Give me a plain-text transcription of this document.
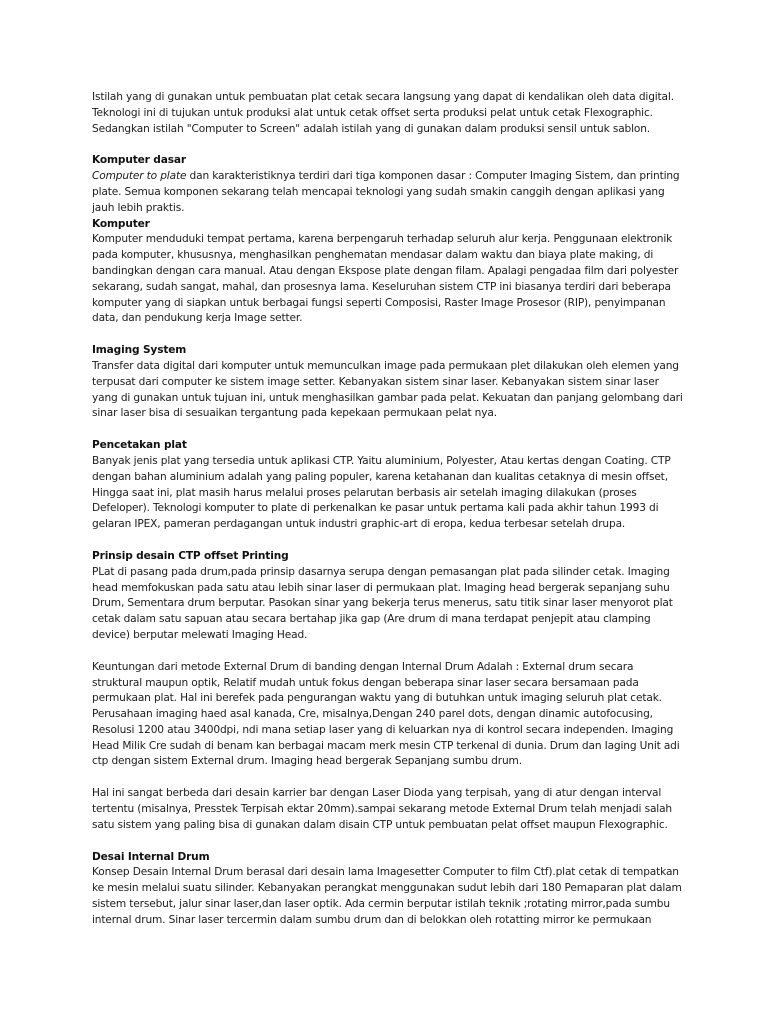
Istilah yang di gunakan untuk pembuatan plat cetak secara langsung yang dapat di kendalikan oleh data digital. Teknologi ini di tujukan untuk produksi alat untuk cetak offset serta produksi pelat untuk cetak Flexographic. Sedangkan istilah "Computer to Screen" adalah istilah yang di gunakan dalam produksi sensil untuk sablon.

Komputer dasar

Computer to plate dan karakteristiknya terdiri dari tiga komponen dasar : Computer Imaging Sistem, dan printing plate. Semua komponen sekarang telah mencapai teknologi yang sudah smakin canggih dengan aplikasi yang jauh lebih praktis.

Komputer

Komputer menduduki tempat pertama, karena berpengaruh terhadap seluruh alur kerja. Penggunaan elektronik pada komputer, khususnya, menghasilkan penghematan mendasar dalam waktu dan biaya plate making, di bandingkan dengan cara manual. Atau dengan Ekspose plate dengan filam. Apalagi pengadaa film dari polyester sekarang, sudah sangat, mahal, dan prosesnya lama. Keseluruhan sistem CTP ini biasanya terdiri dari beberapa komputer yang di siapkan untuk berbagai fungsi seperti Composisi, Raster Image Prosesor (RIP), penyimpanan data, dan pendukung kerja Image setter.

Imaging System

Transfer data digital dari komputer untuk memunculkan image pada permukaan plet dilakukan oleh elemen yang terpusat dari computer ke sistem image setter. Kebanyakan sistem sinar laser. Kebanyakan sistem sinar laser yang di gunakan untuk tujuan ini, untuk menghasilkan gambar pada pelat. Kekuatan dan panjang gelombang dari sinar laser bisa di sesuaikan tergantung pada kepekaan permukaan pelat nya.

Pencetakan plat

Banyak jenis plat yang tersedia untuk aplikasi CTP. Yaitu aluminium, Polyester, Atau kertas dengan Coating. CTP dengan bahan aluminium adalah yang paling populer, karena ketahanan dan kualitas cetaknya di mesin offset, Hingga saat ini, plat masih harus melalui proses pelarutan berbasis air setelah imaging dilakukan (proses Defeloper). Teknologi komputer to plate di perkenalkan ke pasar untuk pertama kali pada akhir tahun 1993 di gelaran IPEX, pameran perdagangan untuk industri graphic-art di eropa, kedua terbesar setelah drupa.

Prinsip desain CTP offset Printing

PLat di pasang pada drum,pada prinsip dasarnya serupa dengan pemasangan plat pada silinder cetak. Imaging head memfokuskan pada satu atau lebih sinar laser di permukaan plat. Imaging head bergerak sepanjang suhu Drum, Sementara drum berputar. Pasokan sinar yang bekerja terus menerus, satu titik sinar laser menyorot plat cetak dalam satu sapuan atau secara bertahap jika gap (Are drum di mana terdapat penjepit atau clamping device) berputar melewati Imaging Head.

Keuntungan dari metode External Drum di banding dengan Internal Drum Adalah : External drum secara struktural maupun optik, Relatif mudah untuk fokus dengan beberapa sinar laser secara bersamaan pada permukaan plat. Hal ini berefek pada pengurangan waktu yang di butuhkan untuk imaging seluruh plat cetak. Perusahaan imaging haed asal kanada, Cre, misalnya,Dengan 240 parel dots, dengan dinamic autofocusing, Resolusi 1200 atau 3400dpi, ndi mana setiap laser yang di keluarkan nya di kontrol secara independen. Imaging Head Milik Cre sudah di benam kan berbagai macam merk mesin CTP terkenal di dunia. Drum dan Iaging Unit adi ctp dengan sistem External drum. Imaging head bergerak Sepanjang sumbu drum.

Hal ini sangat berbeda dari desain karrier bar dengan Laser Dioda yang terpisah, yang di atur dengan interval tertentu (misalnya, Presstek Terpisah ektar 20mm).sampai sekarang metode External Drum telah menjadi salah satu sistem yang paling bisa di gunakan dalam disain CTP untuk pembuatan pelat offset maupun Flexographic.

Desai Internal Drum

Konsep Desain Internal Drum berasal dari desain lama Imagesetter Computer to film Ctf).plat cetak di tempatkan ke mesin melalui suatu silinder. Kebanyakan perangkat menggunakan sudut lebih dari 180 Pemaparan plat dalam sistem tersebut, jalur sinar laser,dan laser optik. Ada cermin berputar istilah teknik ;rotating mirror,pada sumbu internal drum. Sinar laser tercermin dalam sumbu drum dan di belokkan oleh rotatting mirror ke permukaan
